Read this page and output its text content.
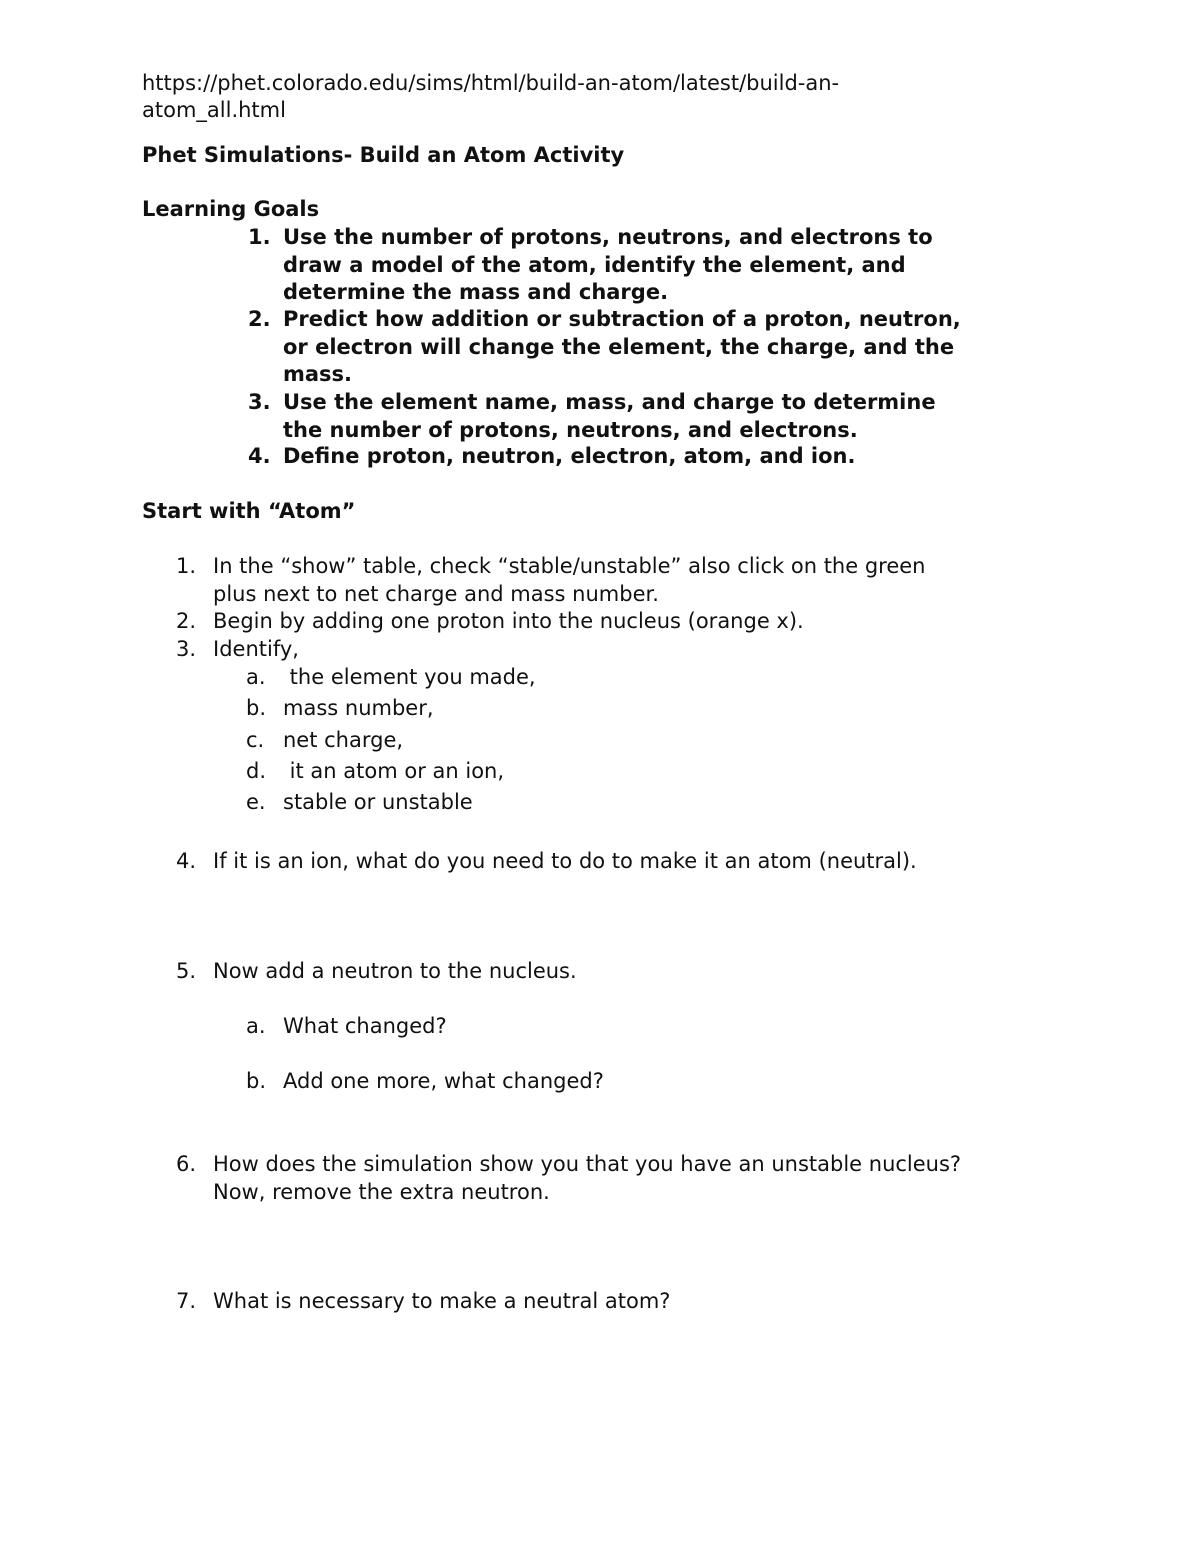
https://phet.colorado.edu/sims/html/build-an-atom/latest/build-an-
atom_all.html
Phet Simulations- Build an Atom Activity
Learning Goals
1. Use the number of protons, neutrons, and electrons to
draw a model of the atom, identify the element, and
determine the mass and charge.
2. Predict how addition or subtraction of a proton, neutron,
or electron will change the element, the charge, and the
mass.
3. Use the element name, mass, and charge to determine
the number of protons, neutrons, and electrons.
4. Define proton, neutron, electron, atom, and ion.
Start with “Atom”
1. In the “show” table, check “stable/unstable” also click on the green
plus next to net charge and mass number.
2. Begin by adding one proton into the nucleus (orange x).
3. Identify,
a. the element you made,
b. mass number,
c. net charge,
d. it an atom or an ion,
e. stable or unstable
4. If it is an ion, what do you need to do to make it an atom (neutral).
5. Now add a neutron to the nucleus.
a. What changed?
b. Add one more, what changed?
6. How does the simulation show you that you have an unstable nucleus?
Now, remove the extra neutron.
7. What is necessary to make a neutral atom?
